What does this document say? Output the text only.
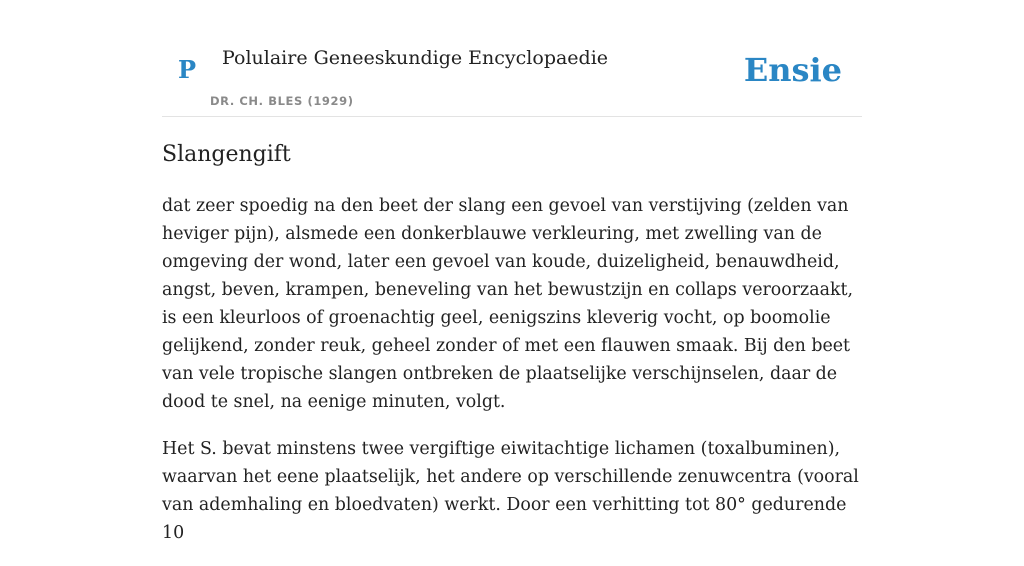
P Polulaire Geneeskundige Encyclopaedie
DR. CH. BLES (1929)
Ensie
Slangengift

dat zeer spoedig na den beet der slang een gevoel van verstijving (zelden van heviger pijn), alsmede een donkerblauwe verkleuring, met zwelling van de omgeving der wond, later een gevoel van koude, duizeligheid, benauwdheid, angst, beven, krampen, beneveling van het bewustzijn en collaps veroorzaakt, is een kleurloos of groenachtig geel, eenigszins kleverig vocht, op boomolie gelijkend, zonder reuk, geheel zonder of met een flauwen smaak. Bij den beet van vele tropische slangen ontbreken de plaatselijke verschijnselen, daar de dood te snel, na eenige minuten, volgt.

Het S. bevat minstens twee vergiftige eiwitachtige lichamen (toxalbuminen), waarvan het eene plaatselijk, het andere op verschillende zenuwcentra (vooral van ademhaling en bloedvaten) werkt. Door een verhitting tot 80° gedurende 10
